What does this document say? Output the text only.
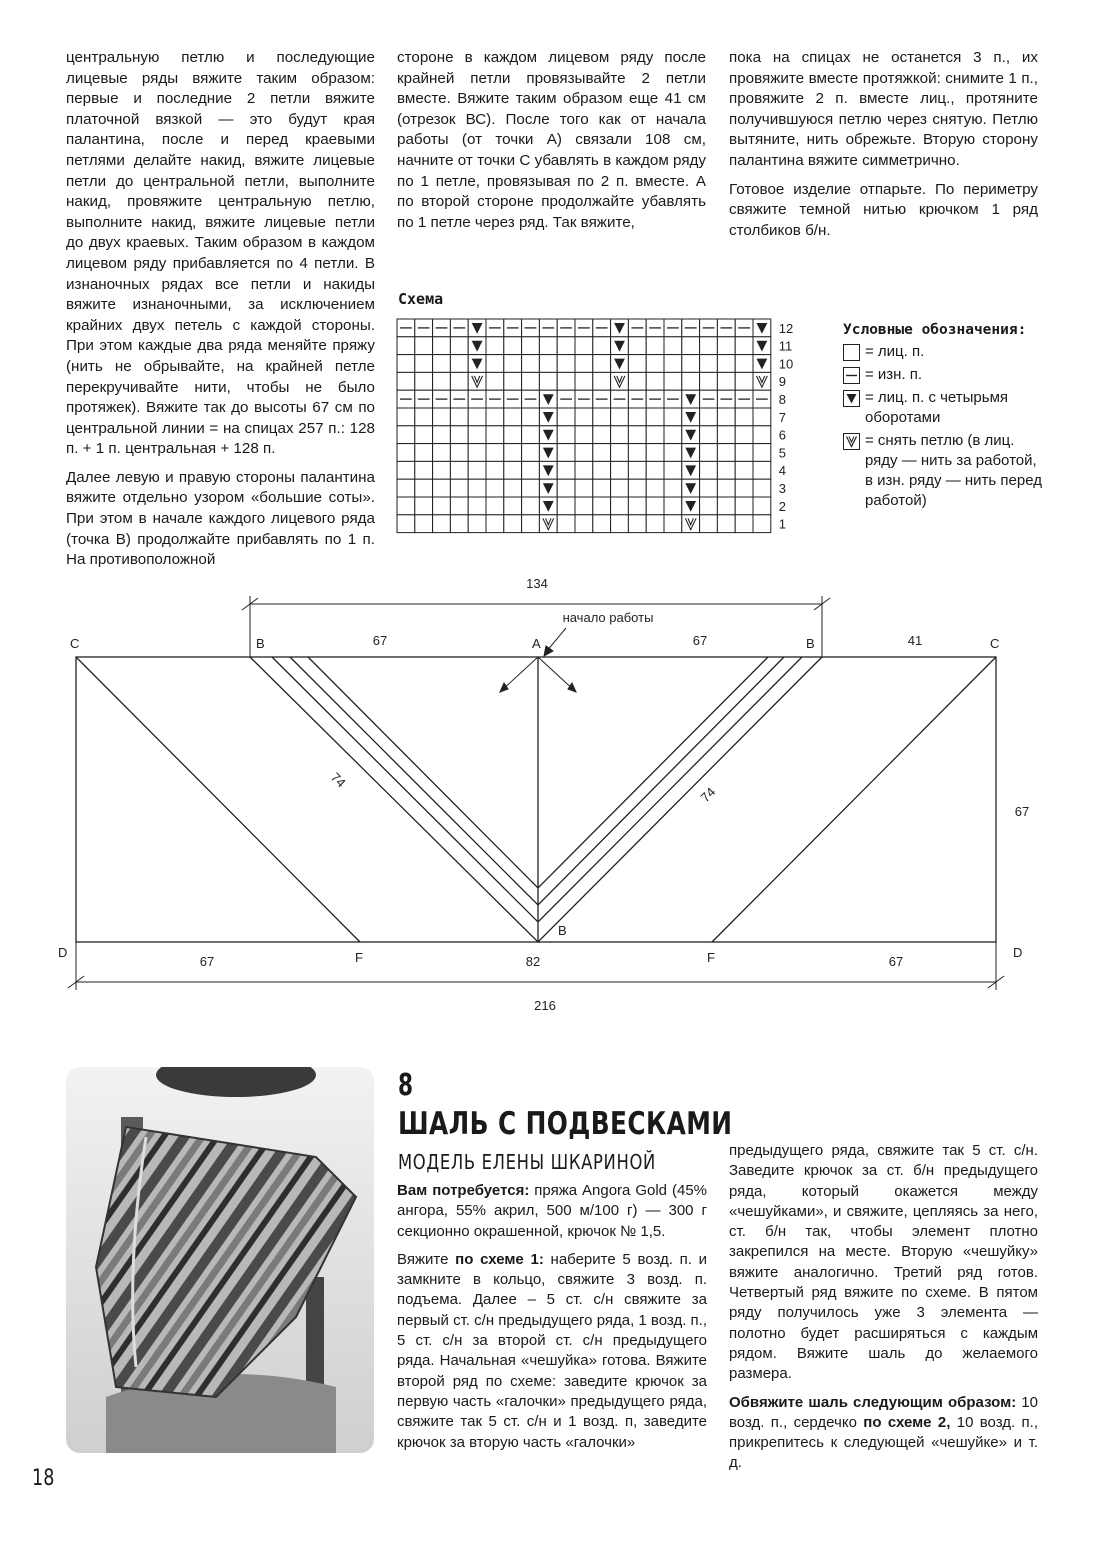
центральную петлю и последующие лицевые ряды вяжите таким образом: первые и последние 2 петли вяжите платочной вязкой — это будут края палантина, после и перед краевыми петлями делайте накид, вяжите лицевые петли до центральной петли, выполните накид, провяжите центральную петлю, выполните накид, вяжите лицевые петли до двух краевых. Таким образом в каждом лицевом ряду прибавляется по 4 петли. В изнаночных рядах все петли и накиды вяжите изнаночными, за исключением крайних двух петель с каждой стороны. При этом каждые два ряда меняйте пряжу (нить не обрывайте, на крайней петле перекручивайте нити, чтобы не было протяжек). Вяжите так до высоты 67 см по центральной линии = на спицах 257 п.: 128 п. + 1 п. центральная + 128 п.

Далее левую и правую стороны палантина вяжите отдельно узором «большие соты». При этом в начале каждого лицевого ряда (точка В) продолжайте прибавлять по 1 п. На противоположной

стороне в каждом лицевом ряду после крайней петли провязывайте 2 петли вместе. Вяжите таким образом еще 41 см (отрезок ВС). После того как от начала работы (от точки А) связали 108 см, начните от точки С убавлять в каждом ряду по 1 петле, провязывая по 2 п. вместе. А по второй стороне продолжайте убавлять по 1 петле через ряд. Так вяжите,

пока на спицах не останется 3 п., их провяжите вместе протяжкой: снимите 1 п., провяжите 2 п. вместе лиц., протяните получившуюся петлю через снятую. Петлю вытяните, нить обрежьте. Вторую сторону палантина вяжите симметрично.

Готовое изделие отпарьте. По периметру свяжите темной нитью крючком 1 ряд столбиков б/н.

Схема
12
11
10
9
8
7
6
5
4
3
2
1
Условные обозначения:
= лиц. п.
= изн. п.
= лиц. п. с четырьмя оборотами
= снять петлю (в лиц. ряду — нить за работой, в изн. ряду — нить перед работой)
134
начало работы
C	B	A	B	C
67	67	41
67
74
74
B
D	D
F	F
67	82	67
216
8
ШАЛЬ С ПОДВЕСКАМИ
МОДЕЛЬ ЕЛЕНЫ ШКАРИНОЙ

Вам потребуется: пряжа Angora Gold (45% ангора, 55% акрил, 500 м/100 г) — 300 г секционно окрашенной, крючок № 1,5.

Вяжите по схеме 1: наберите 5 возд. п. и замкните в кольцо, свяжите 3 возд. п. подъема. Далее – 5 ст. с/н свяжите за первый ст. с/н предыдущего ряда, 1 возд. п., 5 ст. с/н за второй ст. с/н предыдущего ряда. Начальная «чешуйка» готова. Вяжите второй ряд по схеме: заведите крючок за первую часть «галочки» предыдущего ряда, свяжите так 5 ст. с/н и 1 возд. п, заведите крючок за вторую часть «галочки»

предыдущего ряда, свяжите так 5 ст. с/н. Заведите крючок за ст. б/н предыдущего ряда, который окажется между «чешуйками», и свяжите, цепляясь за него, ст. б/н так, чтобы элемент плотно закрепился на месте. Вторую «чешуйку» вяжите аналогично. Третий ряд готов. Четвертый ряд вяжите по схеме. В пятом ряду получилось уже 3 элемента — полотно будет расширяться с каждым рядом. Вяжите шаль до желаемого размера.

Обвяжите шаль следующим образом: 10 возд. п., сердечко по схеме 2, 10 возд. п., прикрепитесь к следующей «чешуйке» и т. д.

18
